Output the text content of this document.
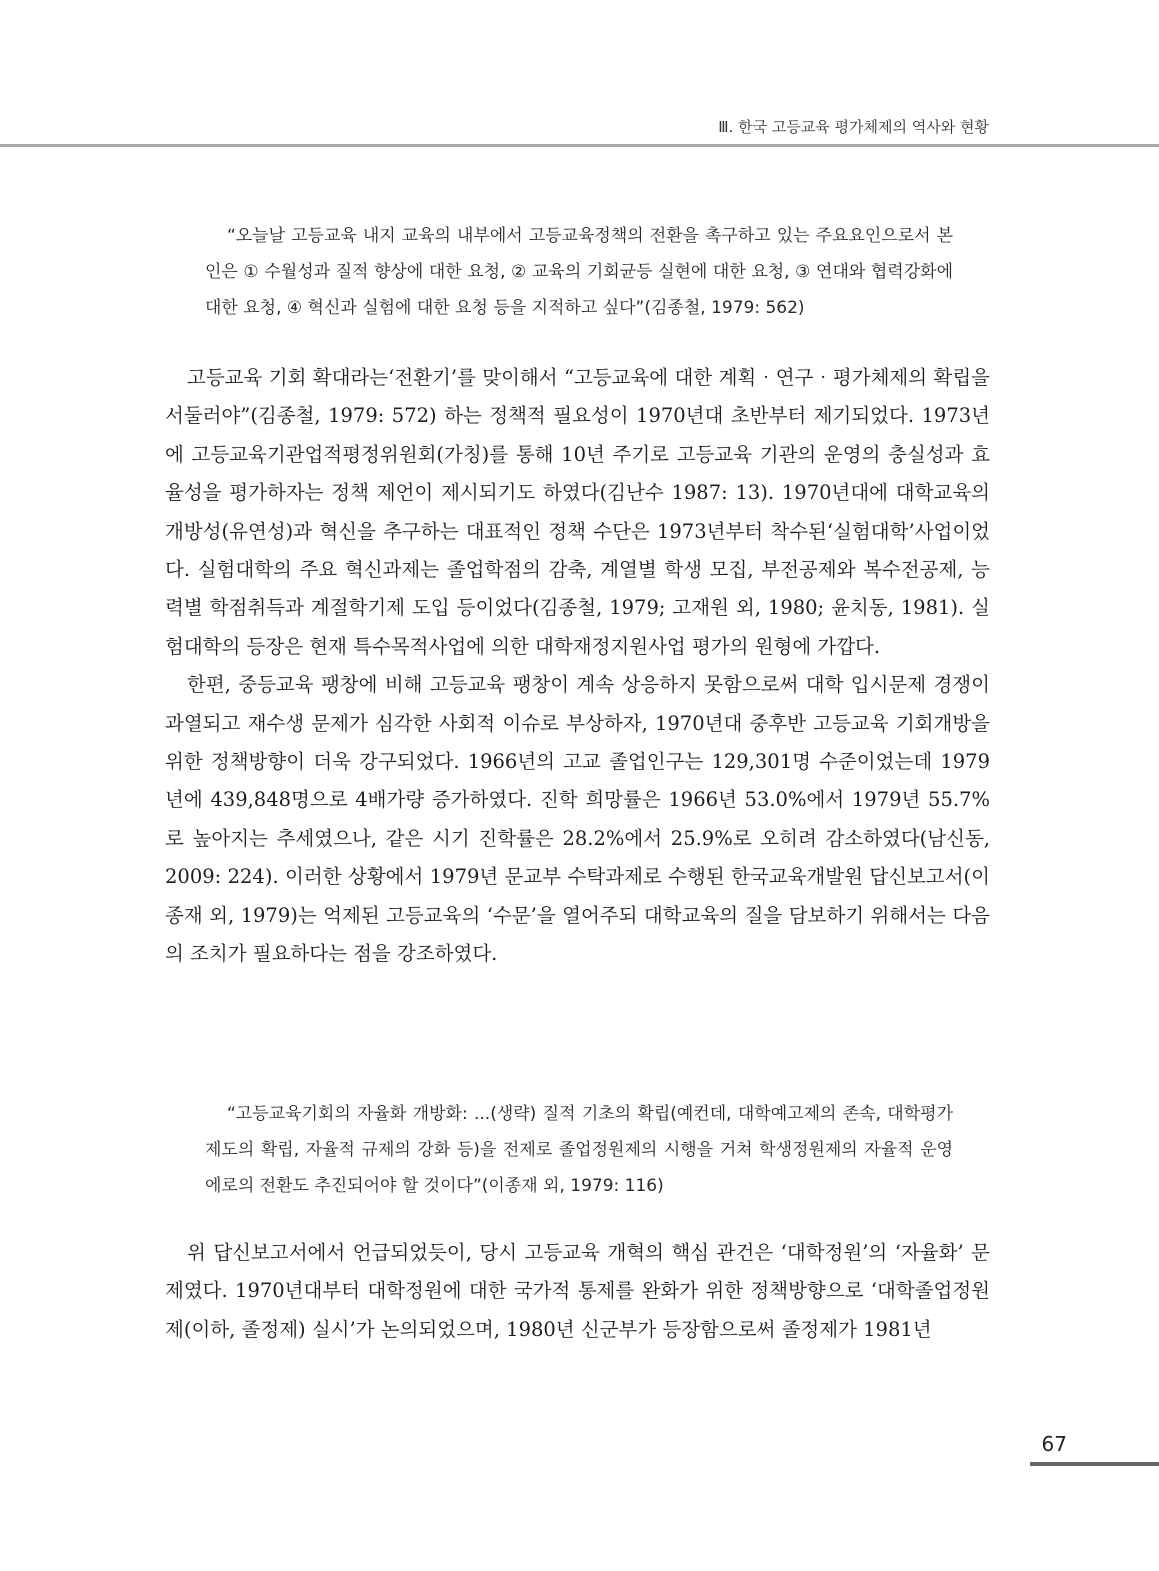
Ⅲ. 한국 고등교육 평가체제의 역사와 현황

“오늘날 고등교육 내지 교육의 내부에서 고등교육정책의 전환을 촉구하고 있는 주요요인으로서 본인은 ① 수월성과 질적 향상에 대한 요청, ② 교육의 기회균등 실현에 대한 요청, ③ 연대와 협력강화에 대한 요청, ④ 혁신과 실험에 대한 요청 등을 지적하고 싶다”(김종철, 1979: 562)

고등교육 기회 확대라는‘전환기’를 맞이해서 “고등교육에 대한 계획‧연구‧평가체제의 확립을 서둘러야”(김종철, 1979: 572) 하는 정책적 필요성이 1970년대 초반부터 제기되었다. 1973년에 고등교육기관업적평정위원회(가칭)를 통해 10년 주기로 고등교육 기관의 운영의 충실성과 효율성을 평가하자는 정책 제언이 제시되기도 하였다(김난수 1987: 13). 1970년대에 대학교육의 개방성(유연성)과 혁신을 추구하는 대표적인 정책 수단은 1973년부터 착수된‘실험대학’사업이었다. 실험대학의 주요 혁신과제는 졸업학점의 감축, 계열별 학생 모집, 부전공제와 복수전공제, 능력별 학점취득과 계절학기제 도입 등이었다(김종철, 1979; 고재원 외, 1980; 윤치동, 1981). 실험대학의 등장은 현재 특수목적사업에 의한 대학재정지원사업 평가의 원형에 가깝다.

한편, 중등교육 팽창에 비해 고등교육 팽창이 계속 상응하지 못함으로써 대학 입시문제 경쟁이 과열되고 재수생 문제가 심각한 사회적 이슈로 부상하자, 1970년대 중후반 고등교육 기회개방을 위한 정책방향이 더욱 강구되었다. 1966년의 고교 졸업인구는 129,301명 수준이었는데 1979년에 439,848명으로 4배가량 증가하였다. 진학 희망률은 1966년 53.0%에서 1979년 55.7%로 높아지는 추세였으나, 같은 시기 진학률은 28.2%에서 25.9%로 오히려 감소하였다(남신동, 2009: 224). 이러한 상황에서 1979년 문교부 수탁과제로 수행된 한국교육개발원 답신보고서(이종재 외, 1979)는 억제된 고등교육의 ‘수문’을 열어주되 대학교육의 질을 담보하기 위해서는 다음의 조치가 필요하다는 점을 강조하였다.

“고등교육기회의 자율화 개방화: ...(생략) 질적 기초의 확립(예컨데, 대학예고제의 존속, 대학평가제도의 확립, 자율적 규제의 강화 등)을 전제로 졸업정원제의 시행을 거쳐 학생정원제의 자율적 운영에로의 전환도 추진되어야 할 것이다”(이종재 외, 1979: 116)

위 답신보고서에서 언급되었듯이, 당시 고등교육 개혁의 핵심 관건은 ‘대학정원’의 ‘자율화’ 문제였다. 1970년대부터 대학정원에 대한 국가적 통제를 완화가 위한 정책방향으로 ‘대학졸업정원제(이하, 졸정제) 실시’가 논의되었으며, 1980년 신군부가 등장함으로써 졸정제가 1981년

67
